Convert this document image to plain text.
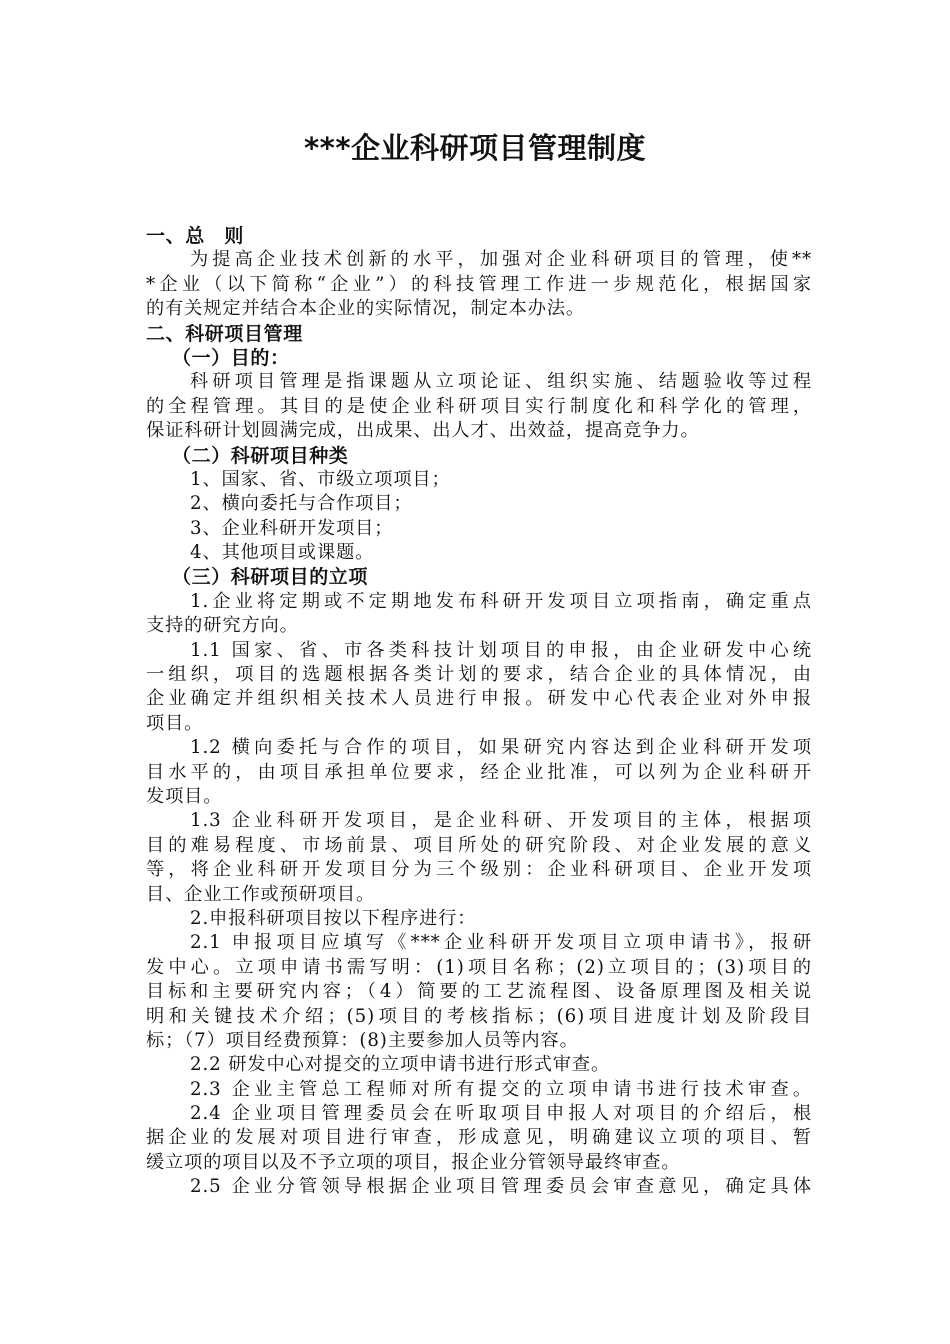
***企业科研项目管理制度
一、总　则
为提高企业技术创新的水平，加强对企业科研项目的管理，使**
*企业（以下简称“企业”）的科技管理工作进一步规范化，根据国家
的有关规定并结合本企业的实际情况，制定本办法。
二、科研项目管理
（一）目的：
科研项目管理是指课题从立项论证、组织实施、结题验收等过程
的全程管理。其目的是使企业科研项目实行制度化和科学化的管理，
保证科研计划圆满完成，出成果、出人才、出效益，提高竞争力。
（二）科研项目种类
1、国家、省、市级立项项目；
2、横向委托与合作项目；
3、企业科研开发项目；
4、其他项目或课题。
（三）科研项目的立项
1.企业将定期或不定期地发布科研开发项目立项指南，确定重点
支持的研究方向。
1.1 国家、省、市各类科技计划项目的申报，由企业研发中心统
一组织，项目的选题根据各类计划的要求，结合企业的具体情况，由
企业确定并组织相关技术人员进行申报。研发中心代表企业对外申报
项目。
1.2 横向委托与合作的项目，如果研究内容达到企业科研开发项
目水平的，由项目承担单位要求，经企业批准，可以列为企业科研开
发项目。
1.3 企业科研开发项目，是企业科研、开发项目的主体，根据项
目的难易程度、市场前景、项目所处的研究阶段、对企业发展的意义
等，将企业科研开发项目分为三个级别：企业科研项目、企业开发项
目、企业工作或预研项目。
2.申报科研项目按以下程序进行：
2.1 申报项目应填写《***企业科研开发项目立项申请书》，报研
发中心。立项申请书需写明：(1)项目名称；(2)立项目的；(3)项目的
目标和主要研究内容；（4）简要的工艺流程图、设备原理图及相关说
明和关键技术介绍；(5)项目的考核指标；(6)项目进度计划及阶段目
标；（7）项目经费预算：(8)主要参加人员等内容。
2.2 研发中心对提交的立项申请书进行形式审查。
2.3 企业主管总工程师对所有提交的立项申请书进行技术审查。
2.4 企业项目管理委员会在听取项目申报人对项目的介绍后，根
据企业的发展对项目进行审查，形成意见，明确建议立项的项目、暂
缓立项的项目以及不予立项的项目，报企业分管领导最终审查。
2.5 企业分管领导根据企业项目管理委员会审查意见，确定具体
